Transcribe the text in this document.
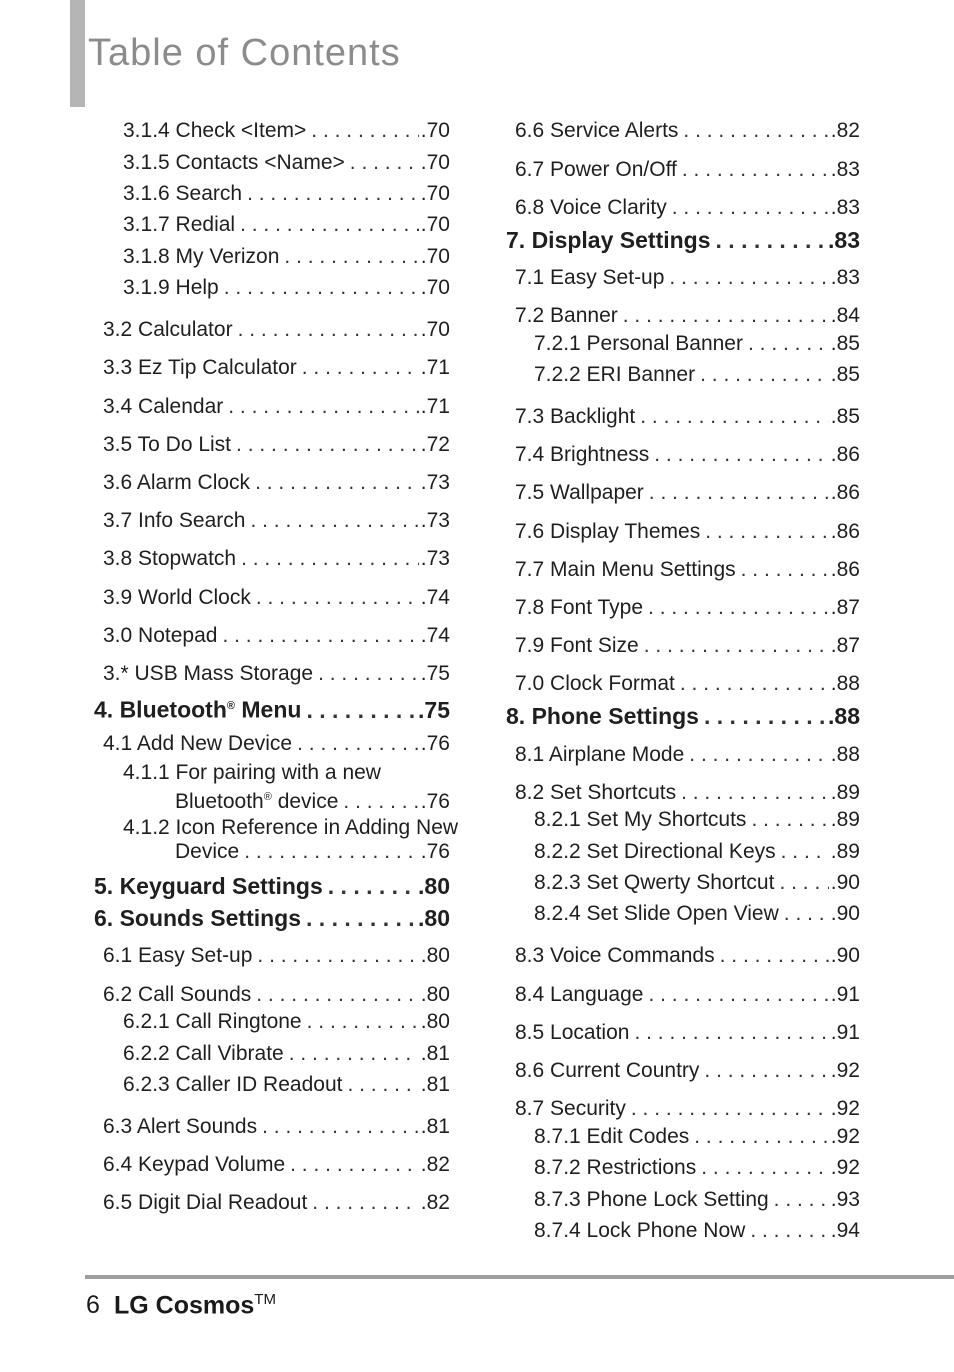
Table of Contents
3.1.4 Check <Item> . . .	.70
3.1.5 Contacts <Name> . . .	.70
3.1.6 Search . . .	.70
3.1.7 Redial . . .	.70
3.1.8 My Verizon . . .	.70
3.1.9 Help . . .	.70
3.2 Calculator . . .	.70
3.3 Ez Tip Calculator . . .	.71
3.4 Calendar . . .	.71
3.5 To Do List . . .	.72
3.6 Alarm Clock . . .	.73
3.7 Info Search . . .	.73
3.8 Stopwatch . . .	.73
3.9 World Clock . . .	.74
3.0 Notepad . . .	.74
3.* USB Mass Storage . . .	.75
4. Bluetooth® Menu . . .	.75
4.1 Add New Device . . .	.76
4.1.1 For pairing with a new
Bluetooth® device . . .	.76
4.1.2 Icon Reference in Adding New
Device . . .	.76
5. Keyguard Settings . . .	.80
6. Sounds Settings . . .	.80
6.1 Easy Set-up . . .	.80
6.2 Call Sounds . . .	.80
6.2.1 Call Ringtone . . .	.80
6.2.2 Call Vibrate . . .	.81
6.2.3 Caller ID Readout . . .	.81
6.3 Alert Sounds . . .	.81
6.4 Keypad Volume . . .	.82
6.5 Digit Dial Readout . . .	.82
6.6 Service Alerts . . .	.82
6.7 Power On/Off . . .	.83
6.8 Voice Clarity . . .	.83
7. Display Settings . . .	.83
7.1 Easy Set-up . . .	.83
7.2 Banner . . .	.84
7.2.1 Personal Banner . . .	.85
7.2.2 ERI Banner . . .	.85
7.3 Backlight . . .	.85
7.4 Brightness . . .	.86
7.5 Wallpaper . . .	.86
7.6 Display Themes . . .	.86
7.7 Main Menu Settings . . .	.86
7.8 Font Type . . .	.87
7.9 Font Size . . .	.87
7.0 Clock Format . . .	.88
8. Phone Settings . . .	.88
8.1 Airplane Mode . . .	.88
8.2 Set Shortcuts . . .	.89
8.2.1 Set My Shortcuts . . .	.89
8.2.2 Set Directional Keys . . .	.89
8.2.3 Set Qwerty Shortcut . . .	.90
8.2.4 Set Slide Open View . . . .90
8.3 Voice Commands . . .	.90
8.4 Language . . .	.91
8.5 Location . . .	.91
8.6 Current Country . . .	.92
8.7 Security . . .	.92
8.7.1 Edit Codes . . .	.92
8.7.2 Restrictions . . .	.92
8.7.3 Phone Lock Setting . . .	.93
8.7.4 Lock Phone Now . . .	.94
6 LG Cosmos™
